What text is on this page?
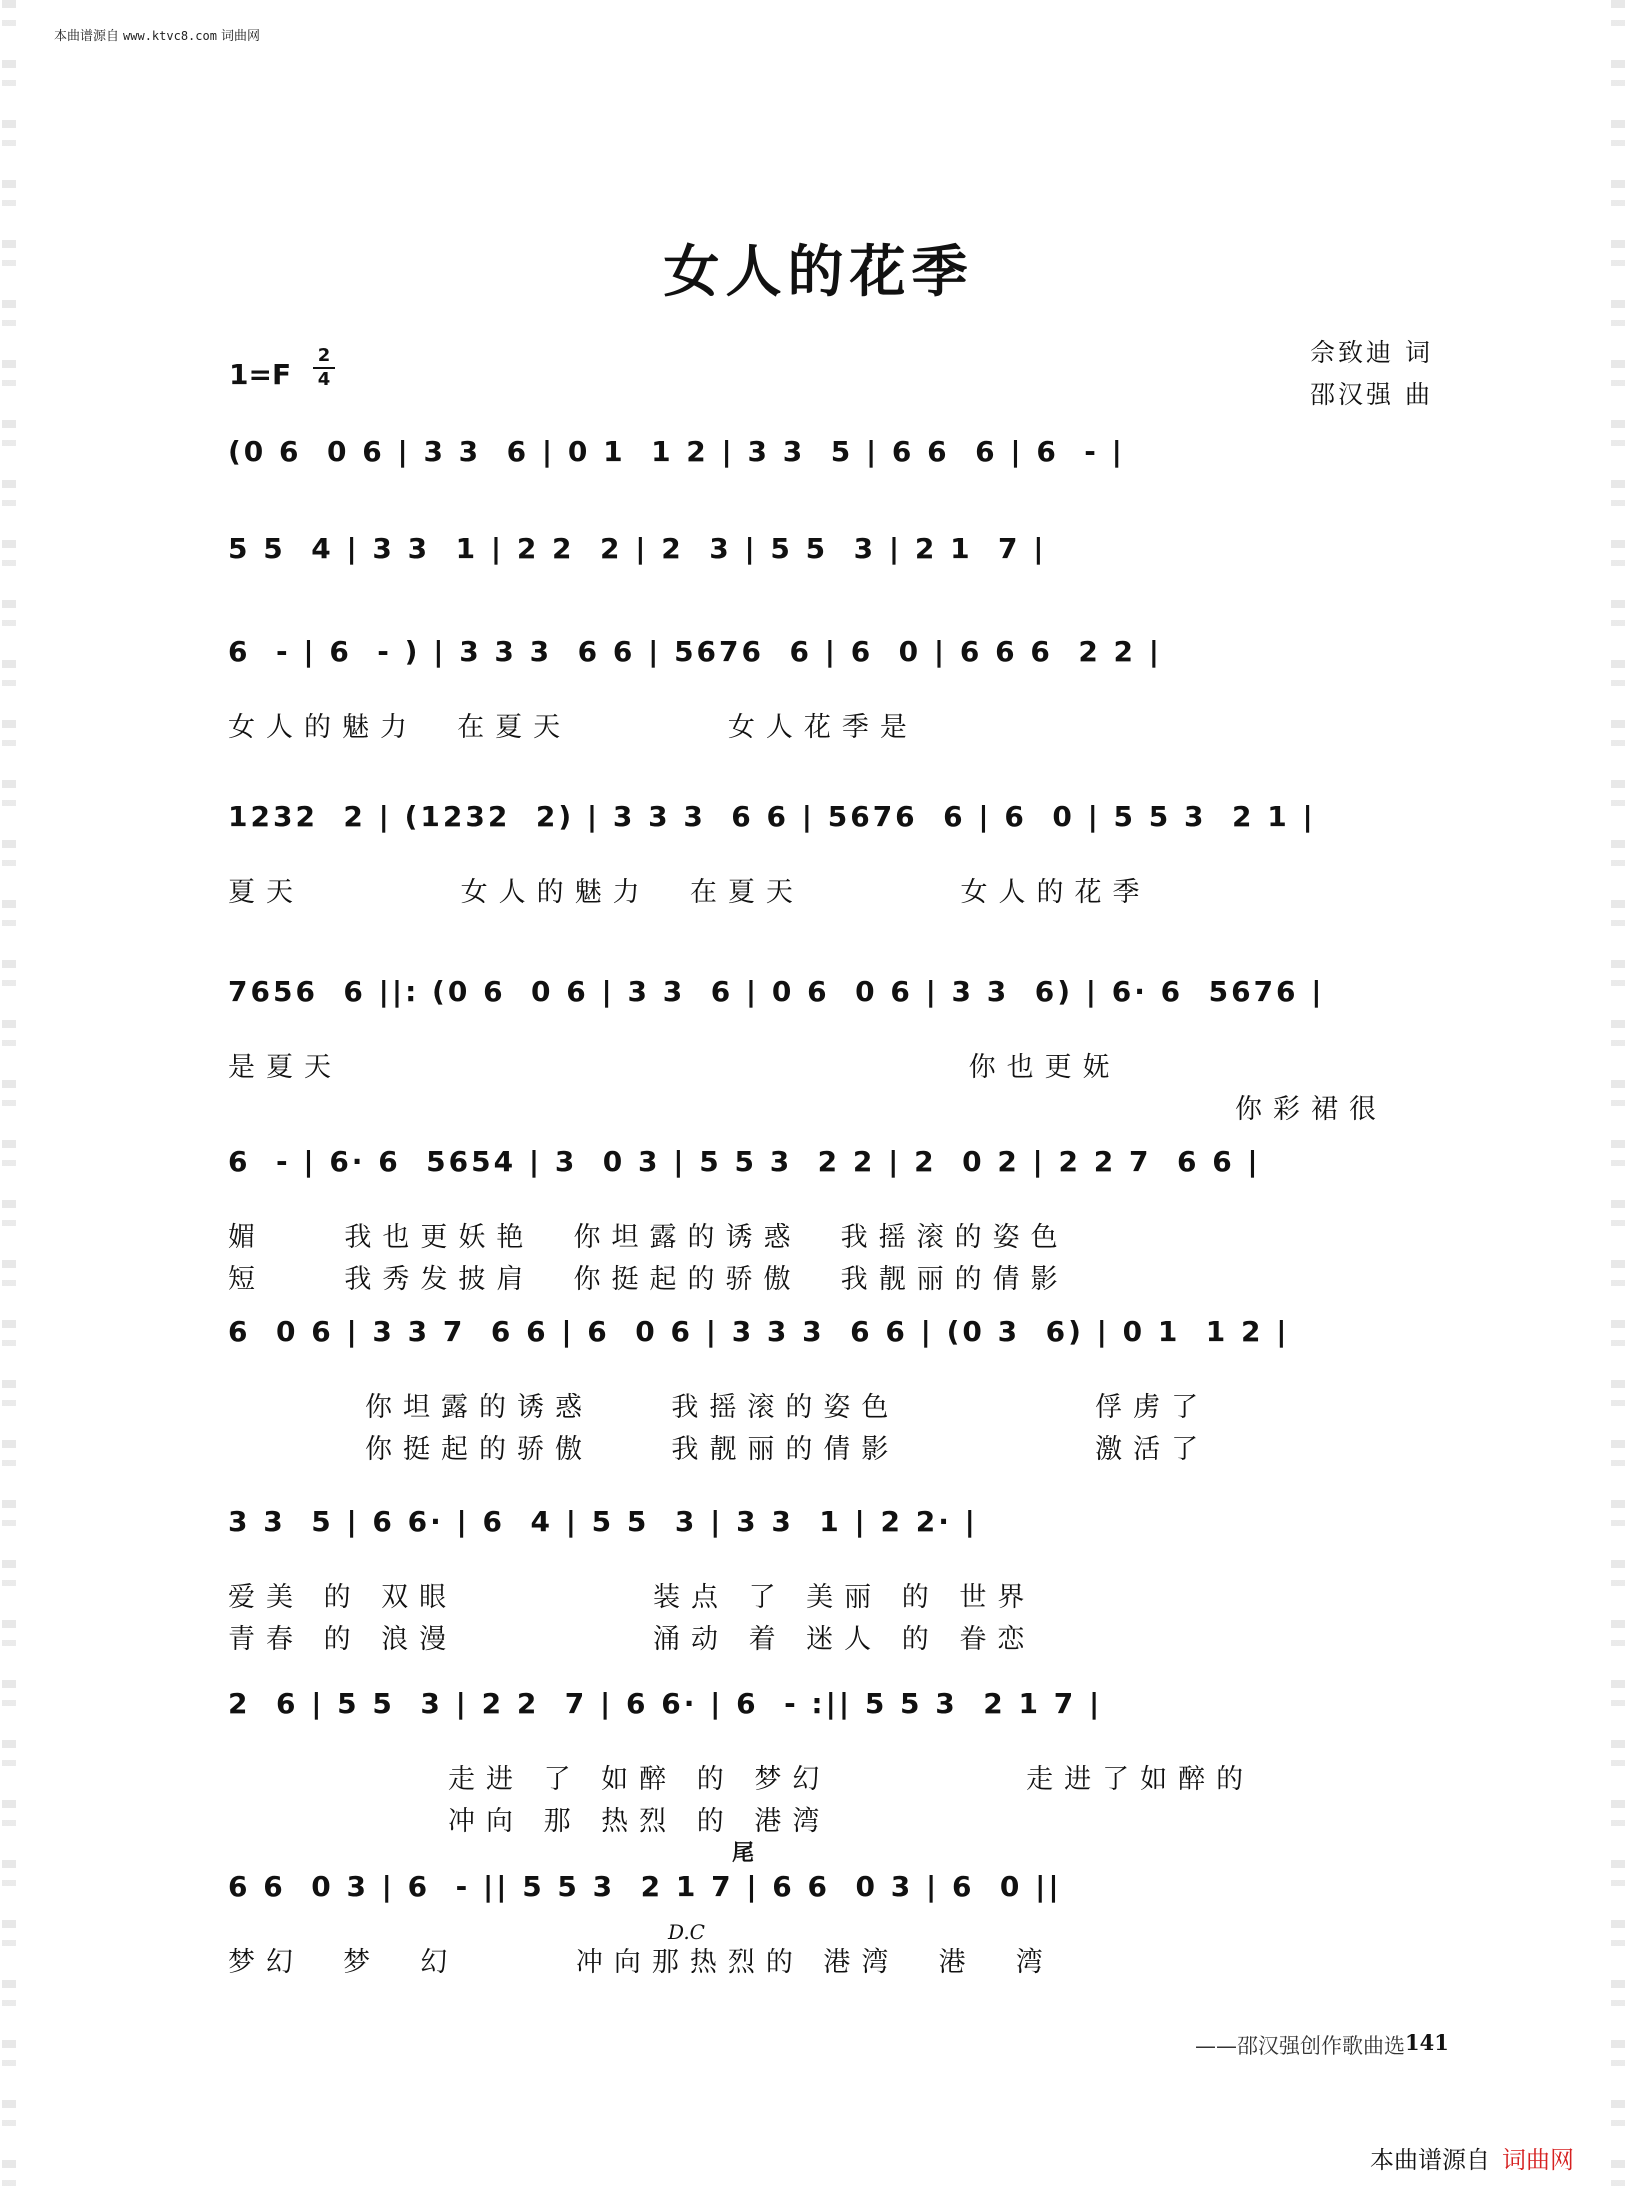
本曲谱源自 www.ktvc8.com 词曲网
女人的花季
佘致迪 词
邵汉强 曲
1=F
2
4
(0 6  0 6 | 3 3  6 | 0 1  1 2 | 3 3  5 | 6 6  6 | 6  - |
5 5  4 | 3 3  1 | 2 2  2 | 2  3 | 5 5  3 | 2 1  7 |
6  - | 6  - ) | 3 3 3  6 6 | 5676  6 | 6  0 | 6 6 6  2 2 |
女人的魅力  在夏天        女人花季是
1232  2 | (1232  2) | 3 3 3  6 6 | 5676  6 | 6  0 | 5 5 3  2 1 |
夏天        女人的魅力  在夏天        女人的花季
7656  6 ||: (0 6  0 6 | 3 3  6 | 0 6  0 6 | 3 3  6) | 6· 6  5676 |
是夏天                                你也更妩
你彩裙很
6  - | 6· 6  5654 | 3  0 3 | 5 5 3  2 2 | 2  0 2 | 2 2 7  6 6 |
媚    我也更妖艳  你坦露的诱惑  我摇滚的姿色
短    我秀发披肩  你挺起的骄傲  我靓丽的倩影
6  0 6 | 3 3 7  6 6 | 6  0 6 | 3 3 3  6 6 | (0 3  6) | 0 1  1 2 |
你坦露的诱惑    我摇滚的姿色          俘虏了
你挺起的骄傲    我靓丽的倩影          激活了
3 3  5 | 6 6· | 6  4 | 5 5  3 | 3 3  1 | 2 2· |
爱美 的 双眼          装点 了 美丽 的 世界
青春 的 浪漫          涌动 着 迷人 的 眷恋
2  6 | 5 5  3 | 2 2  7 | 6 6· | 6  - :|| 5 5 3  2 1 7 |
走进 了 如醉 的 梦幻          走进了如醉的
冲向 那 热烈 的 港湾
6 6  0 3 | 6  - || 5 5 3  2 1 7 | 6 6  0 3 | 6  0 ||
梦幻  梦  幻      冲向那热烈的 港湾  港  湾
尾
D.C
——邵汉强创作歌曲选 141
本曲谱源自 词曲网
